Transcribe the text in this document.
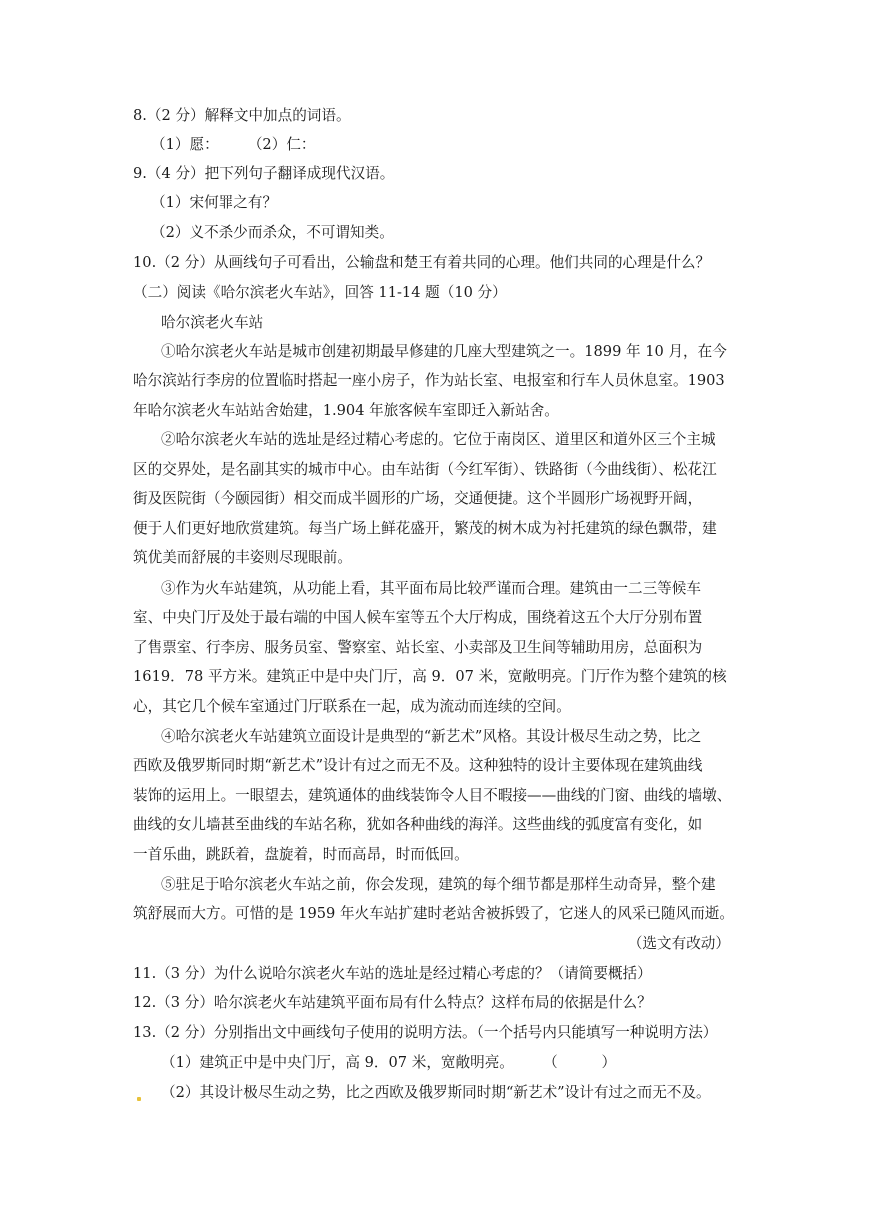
8.（2 分）解释文中加点的词语。
（1）愿：　　　（2）仁：
9.（4 分）把下列句子翻译成现代汉语。
（1）宋何罪之有？
（2）义不杀少而杀众，不可谓知类。
10.（2 分）从画线句子可看出，公输盘和楚王有着共同的心理。他们共同的心理是什么？
（二）阅读《哈尔滨老火车站》，回答 11-14 题（10 分）
哈尔滨老火车站
①哈尔滨老火车站是城市创建初期最早修建的几座大型建筑之一。1899 年 10 月，在今
哈尔滨站行李房的位置临时搭起一座小房子，作为站长室、电报室和行车人员休息室。1903
年哈尔滨老火车站站舍始建，1.904 年旅客候车室即迁入新站舍。
②哈尔滨老火车站的选址是经过精心考虑的。它位于南岗区、道里区和道外区三个主城
区的交界处，是名副其实的城市中心。由车站街（今红军街）、铁路街（今曲线街）、松花江
街及医院街（今颐园街）相交而成半圆形的广场，交通便捷。这个半圆形广场视野开阔，
便于人们更好地欣赏建筑。每当广场上鲜花盛开，繁茂的树木成为衬托建筑的绿色飘带，建
筑优美而舒展的丰姿则尽现眼前。
③作为火车站建筑，从功能上看，其平面布局比较严谨而合理。建筑由一二三等候车
室、中央门厅及处于最右端的中国人候车室等五个大厅构成，围绕着这五个大厅分别布置
了售票室、行李房、服务员室、警察室、站长室、小卖部及卫生间等辅助用房，总面积为
1619．78 平方米。建筑正中是中央门厅，高 9．07 米，宽敞明亮。门厅作为整个建筑的核
心，其它几个候车室通过门厅联系在一起，成为流动而连续的空间。
④哈尔滨老火车站建筑立面设计是典型的“新艺术”风格。其设计极尽生动之势，比之
西欧及俄罗斯同时期“新艺术”设计有过之而无不及。这种独特的设计主要体现在建筑曲线
装饰的运用上。一眼望去，建筑通体的曲线装饰令人目不暇接——曲线的门窗、曲线的墙墩、
曲线的女儿墙甚至曲线的车站名称，犹如各种曲线的海洋。这些曲线的弧度富有变化，如
一首乐曲，跳跃着，盘旋着，时而高昂，时而低回。
⑤驻足于哈尔滨老火车站之前，你会发现，建筑的每个细节都是那样生动奇异，整个建
筑舒展而大方。可惜的是 1959 年火车站扩建时老站舍被拆毁了，它迷人的风采已随风而逝。
（选文有改动）
11.（3 分）为什么说哈尔滨老火车站的选址是经过精心考虑的？（请简要概括）
12.（3 分）哈尔滨老火车站建筑平面布局有什么特点？这样布局的依据是什么？
13.（2 分）分别指出文中画线句子使用的说明方法。（一个括号内只能填写一种说明方法）
（1）建筑正中是中央门厅，高 9．07 米，宽敞明亮。　　　（　　　）
（2）其设计极尽生动之势，比之西欧及俄罗斯同时期“新艺术”设计有过之而无不及。
